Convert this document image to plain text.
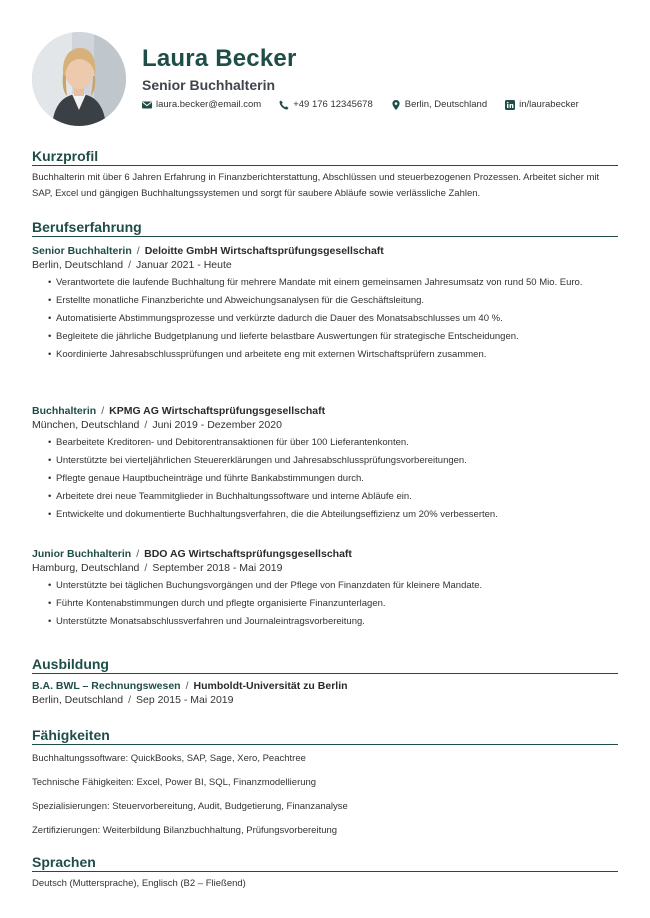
Laura Becker
Senior Buchhalterin
laura.becker@email.com	+49 176 12345678	Berlin, Deutschland	in/laurabecker
Kurzprofil
Buchhalterin mit über 6 Jahren Erfahrung in Finanzberichterstattung, Abschlüssen und steuerbezogenen Prozessen. Arbeitet sicher mit SAP, Excel und gängigen Buchhaltungssystemen und sorgt für saubere Abläufe sowie verlässliche Zahlen.
Berufserfahrung
Senior Buchhalterin / Deloitte GmbH Wirtschaftsprüfungsgesellschaft
Berlin, Deutschland / Januar 2021 - Heute
• Verantwortete die laufende Buchhaltung für mehrere Mandate mit einem gemeinsamen Jahresumsatz von rund 50 Mio. Euro.
• Erstellte monatliche Finanzberichte und Abweichungsanalysen für die Geschäftsleitung.
• Automatisierte Abstimmungsprozesse und verkürzte dadurch die Dauer des Monatsabschlusses um 40 %.
• Begleitete die jährliche Budgetplanung und lieferte belastbare Auswertungen für strategische Entscheidungen.
• Koordinierte Jahresabschlussprüfungen und arbeitete eng mit externen Wirtschaftsprüfern zusammen.
Buchhalterin / KPMG AG Wirtschaftsprüfungsgesellschaft
München, Deutschland / Juni 2019 - Dezember 2020
• Bearbeitete Kreditoren- und Debitorentransaktionen für über 100 Lieferantenkonten.
• Unterstützte bei vierteljährlichen Steuererklärungen und Jahresabschlussprüfungsvorbereitungen.
• Pflegte genaue Hauptbucheinträge und führte Bankabstimmungen durch.
• Arbeitete drei neue Teammitglieder in Buchhaltungssoftware und interne Abläufe ein.
• Entwickelte und dokumentierte Buchhaltungsverfahren, die die Abteilungseffizienz um 20% verbesserten.
Junior Buchhalterin / BDO AG Wirtschaftsprüfungsgesellschaft
Hamburg, Deutschland / September 2018 - Mai 2019
• Unterstützte bei täglichen Buchungsvorgängen und der Pflege von Finanzdaten für kleinere Mandate.
• Führte Kontenabstimmungen durch und pflegte organisierte Finanzunterlagen.
• Unterstützte Monatsabschlussverfahren und Journaleintragsvorbereitung.
Ausbildung
B.A. BWL – Rechnungswesen / Humboldt-Universität zu Berlin
Berlin, Deutschland / Sep 2015 - Mai 2019
Fähigkeiten
Buchhaltungssoftware: QuickBooks, SAP, Sage, Xero, Peachtree
Technische Fähigkeiten: Excel, Power BI, SQL, Finanzmodellierung
Spezialisierungen: Steuervorbereitung, Audit, Budgetierung, Finanzanalyse
Zertifizierungen: Weiterbildung Bilanzbuchhaltung, Prüfungsvorbereitung
Sprachen
Deutsch (Muttersprache), Englisch (B2 – Fließend)
